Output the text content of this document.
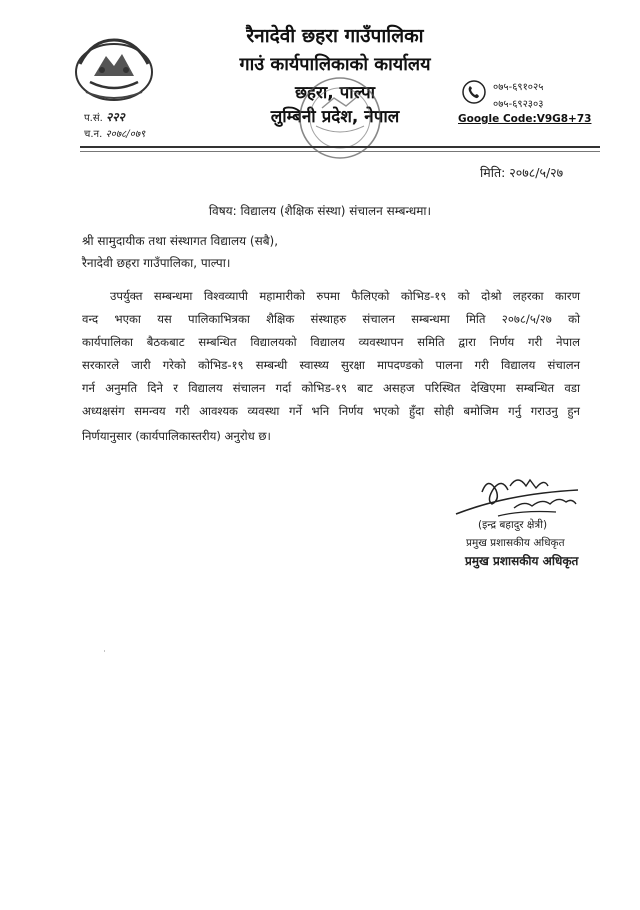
रैनादेवी छहरा गाउँपालिका
गाउं कार्यपालिकाको कार्यालय
छहरा, पाल्पा
लुम्बिनी प्रदेश, नेपाल
०७५-६९१०२५
०७५-६९२३०३
Google Code:V9G8+73
प.सं. २२२
च.न. २०७८/०७९
मिति: २०७८/५/२७
विषय: विद्यालय (शैक्षिक संस्था) संचालन सम्बन्धमा।
श्री सामुदायीक तथा संस्थागत विद्यालय (सबै),
रैनादेवी छहरा गाउँपालिका, पाल्पा।
उपर्युक्त सम्बन्धमा विश्वव्यापी महामारीको रुपमा फैलिएको कोभिड-१९ को दोश्रो लहरका कारण
वन्द भएका यस पालिकाभित्रका शैक्षिक संस्थाहरु संचालन सम्बन्धमा मिति २०७८/५/२७ को
कार्यपालिका बैठकबाट सम्बन्धित विद्यालयको विद्यालय व्यवस्थापन समिति द्वारा निर्णय गरी नेपाल
सरकारले जारी गरेको कोभिड-१९ सम्बन्धी स्वास्थ्य सुरक्षा मापदण्डको पालना गरी विद्यालय संचालन
गर्न अनुमति दिने र विद्यालय संचालन गर्दा कोभिड-१९ बाट असहज परिस्थित देखिएमा सम्बन्धित वडा
अध्यक्षसंग समन्वय गरी आवश्यक व्यवस्था गर्ने भनि निर्णय भएको हुँदा सोही बमोजिम गर्नु गराउनु हुन
निर्णयानुसार (कार्यपालिकास्तरीय) अनुरोध छ।
(इन्द्र बहादुर क्षेत्री)
प्रमुख प्रशासकीय अधिकृत
प्रमुख प्रशासकीय अधिकृत
˙
